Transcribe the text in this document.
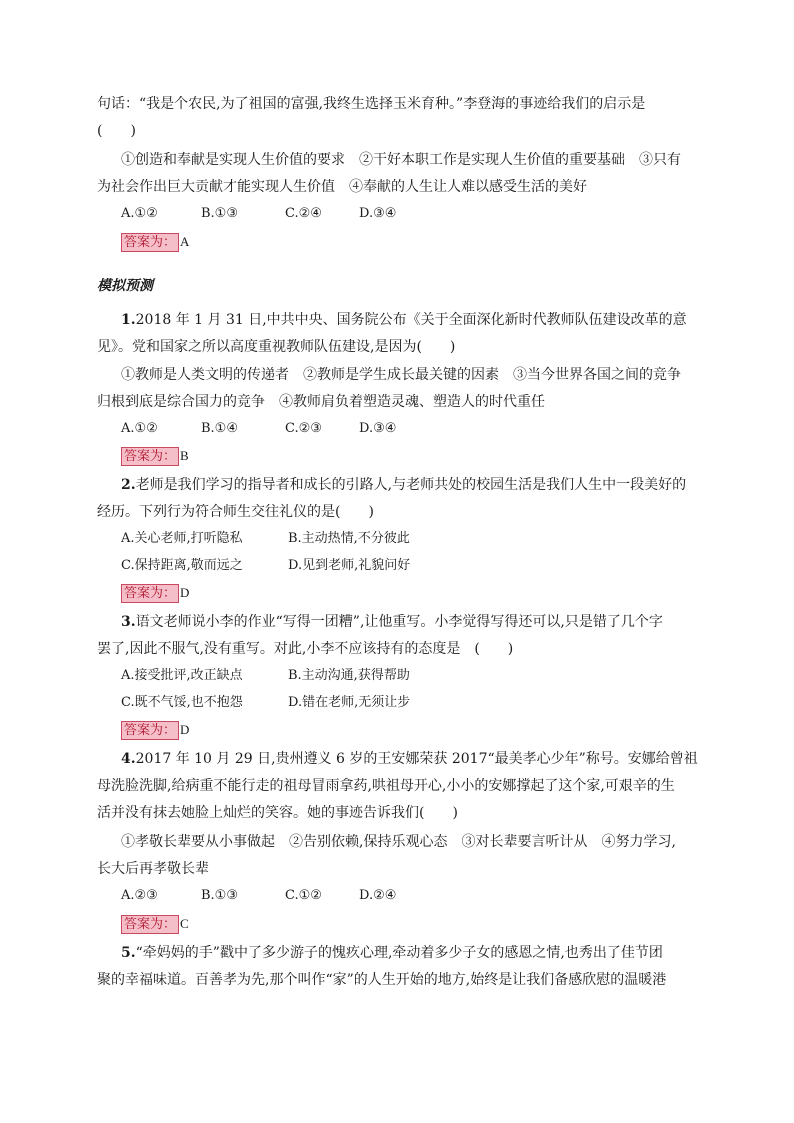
句话：“我是个农民,为了祖国的富强,我终生选择玉米育种。”李登海的事迹给我们的启示是
(　　)
①创造和奉献是实现人生价值的要求　②干好本职工作是实现人生价值的重要基础　③只有
为社会作出巨大贡献才能实现人生价值　④奉献的人生让人难以感受生活的美好
A.①②	B.①③	C.②④	D.③④
答案为： A
模拟预测
1.2018 年 1 月 31 日,中共中央、国务院公布《关于全面深化新时代教师队伍建设改革的意
见》。党和国家之所以高度重视教师队伍建设,是因为(　　)
①教师是人类文明的传递者　②教师是学生成长最关键的因素　③当今世界各国之间的竞争
归根到底是综合国力的竞争　④教师肩负着塑造灵魂、塑造人的时代重任
A.①②	B.①④	C.②③	D.③④
答案为： B
2.老师是我们学习的指导者和成长的引路人,与老师共处的校园生活是我们人生中一段美好的
经历。下列行为符合师生交往礼仪的是(　　)
A.关心老师,打听隐私	B.主动热情,不分彼此
C.保持距离,敬而远之	D.见到老师,礼貌问好
答案为： D
3.语文老师说小李的作业“写得一团糟”,让他重写。小李觉得写得还可以,只是错了几个字
罢了,因此不服气,没有重写。对此,小李不应该持有的态度是　(　　)
A.接受批评,改正缺点	B.主动沟通,获得帮助
C.既不气馁,也不抱怨	D.错在老师,无须让步
答案为： D
4.2017 年 10 月 29 日,贵州遵义 6 岁的王安娜荣获 2017“最美孝心少年”称号。安娜给曾祖
母洗脸洗脚,给病重不能行走的祖母冒雨拿药,哄祖母开心,小小的安娜撑起了这个家,可艰辛的生
活并没有抹去她脸上灿烂的笑容。她的事迹告诉我们(　　)
①孝敬长辈要从小事做起　②告别依赖,保持乐观心态　③对长辈要言听计从　④努力学习,
长大后再孝敬长辈
A.②③	B.①③	C.①②	D.②④
答案为： C
5.“牵妈妈的手”戳中了多少游子的愧疚心理,牵动着多少子女的感恩之情,也秀出了佳节团
聚的幸福味道。百善孝为先,那个叫作“家”的人生开始的地方,始终是让我们备感欣慰的温暖港
